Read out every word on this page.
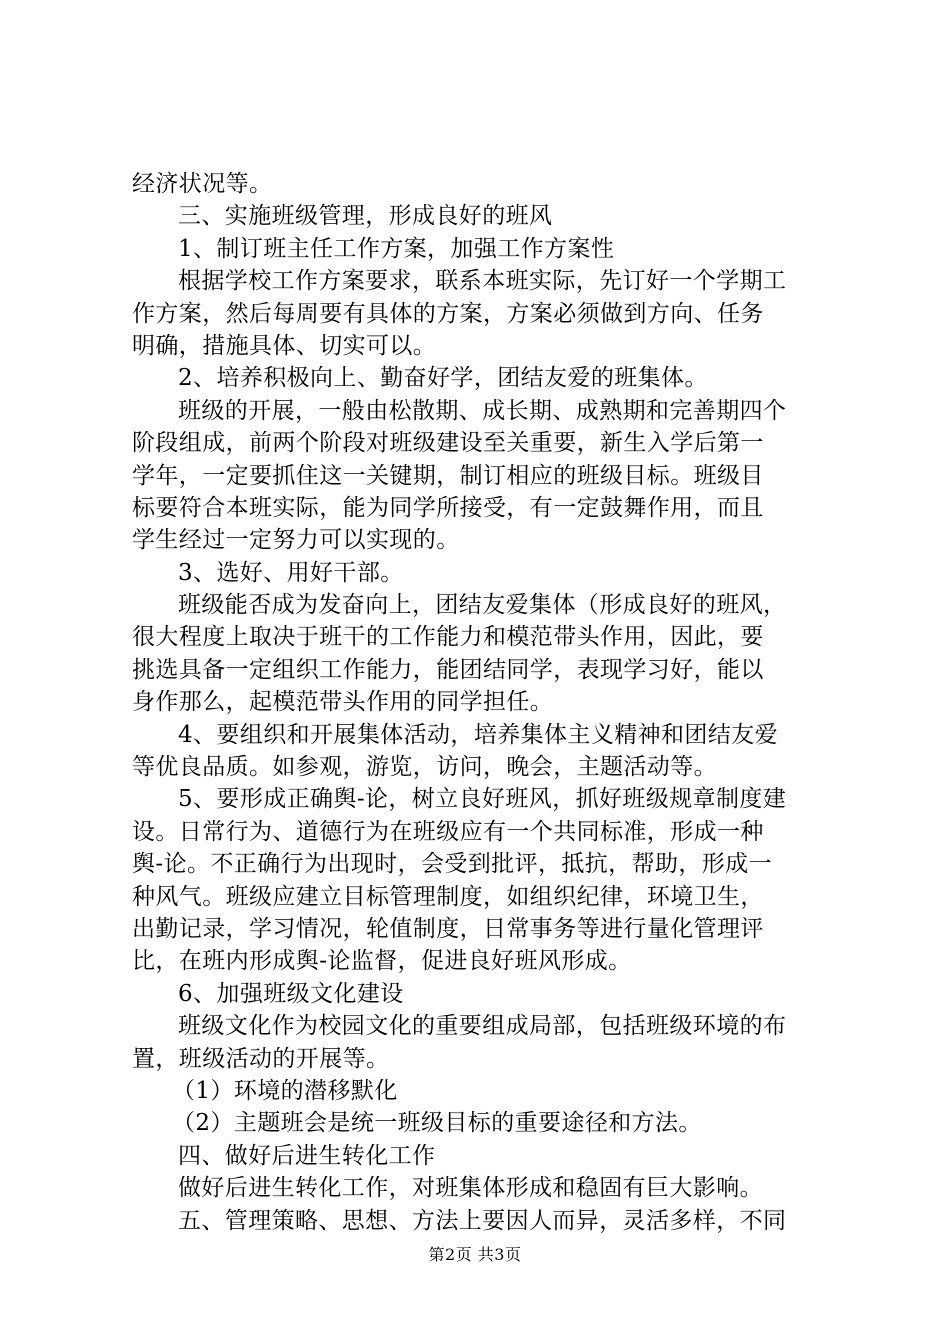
经济状况等。
三、实施班级管理，形成良好的班风
1、制订班主任工作方案，加强工作方案性
根据学校工作方案要求，联系本班实际，先订好一个学期工
作方案，然后每周要有具体的方案，方案必须做到方向、任务
明确，措施具体、切实可以。
2、培养积极向上、勤奋好学，团结友爱的班集体。
班级的开展，一般由松散期、成长期、成熟期和完善期四个
阶段组成，前两个阶段对班级建设至关重要，新生入学后第一
学年，一定要抓住这一关键期，制订相应的班级目标。班级目
标要符合本班实际，能为同学所接受，有一定鼓舞作用，而且
学生经过一定努力可以实现的。
3、选好、用好干部。
班级能否成为发奋向上，团结友爱集体（形成良好的班风，
很大程度上取决于班干的工作能力和模范带头作用，因此，要
挑选具备一定组织工作能力，能团结同学，表现学习好，能以
身作那么，起模范带头作用的同学担任。
4、要组织和开展集体活动，培养集体主义精神和团结友爱
等优良品质。如参观，游览，访问，晚会，主题活动等。
5、要形成正确舆-论，树立良好班风，抓好班级规章制度建
设。日常行为、道德行为在班级应有一个共同标准，形成一种
舆-论。不正确行为出现时，会受到批评，抵抗，帮助，形成一
种风气。班级应建立目标管理制度，如组织纪律，环境卫生，
出勤记录，学习情况，轮值制度，日常事务等进行量化管理评
比，在班内形成舆-论监督，促进良好班风形成。
6、加强班级文化建设
班级文化作为校园文化的重要组成局部，包括班级环境的布
置，班级活动的开展等。
（1）环境的潜移默化
（2）主题班会是统一班级目标的重要途径和方法。
四、做好后进生转化工作
做好后进生转化工作，对班集体形成和稳固有巨大影响。
五、管理策略、思想、方法上要因人而异，灵活多样，不同
第2页 共3页
